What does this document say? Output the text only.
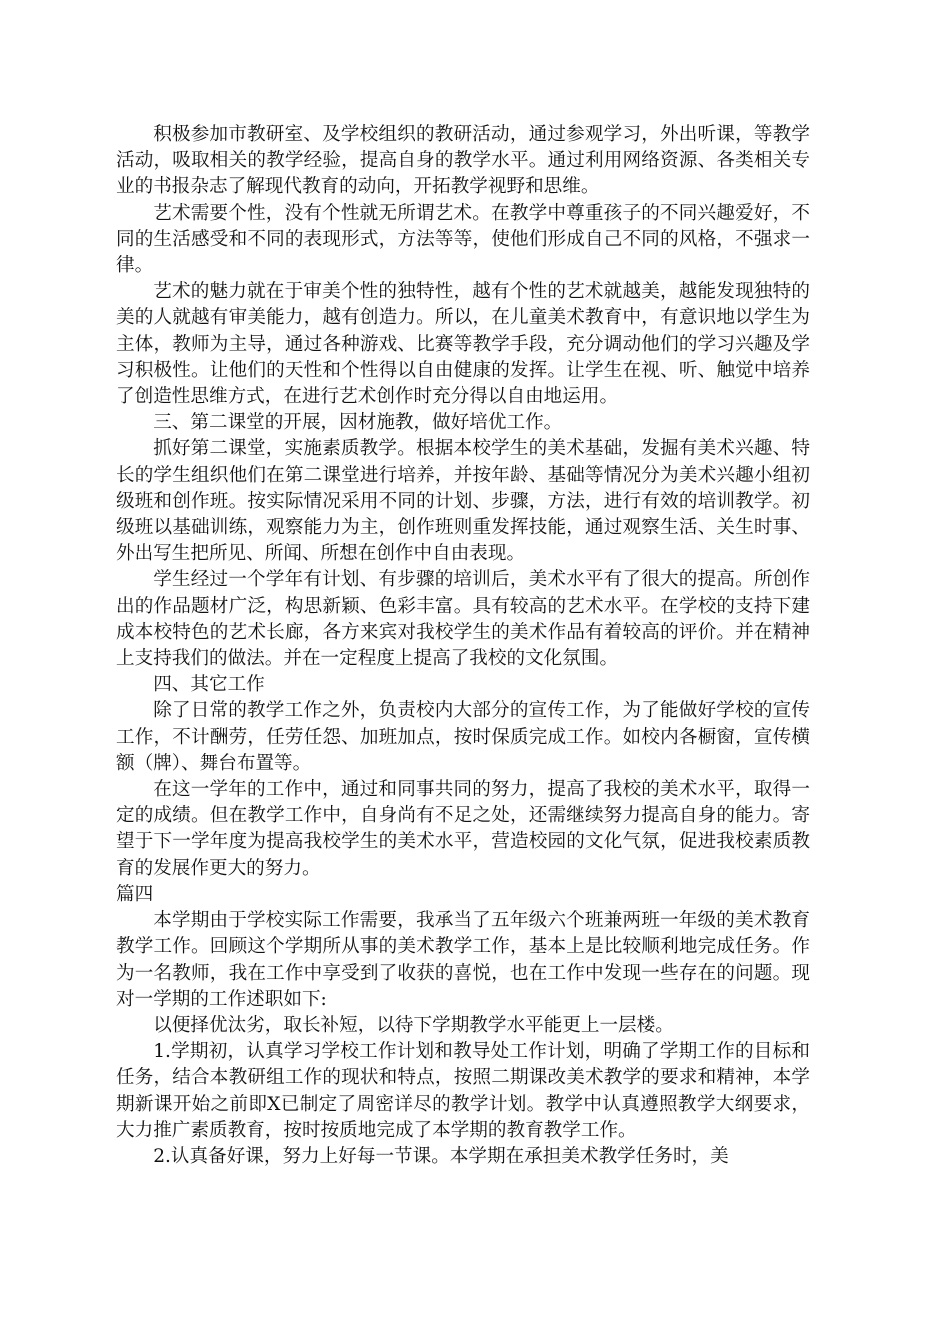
积极参加市教研室、及学校组织的教研活动，通过参观学习，外出听课，等教学活动，吸取相关的教学经验，提高自身的教学水平。通过利用网络资源、各类相关专业的书报杂志了解现代教育的动向，开拓教学视野和思维。

艺术需要个性，没有个性就无所谓艺术。在教学中尊重孩子的不同兴趣爱好，不同的生活感受和不同的表现形式，方法等等，使他们形成自己不同的风格，不强求一律。

艺术的魅力就在于审美个性的独特性，越有个性的艺术就越美，越能发现独特的美的人就越有审美能力，越有创造力。所以，在儿童美术教育中，有意识地以学生为主体，教师为主导，通过各种游戏、比赛等教学手段，充分调动他们的学习兴趣及学习积极性。让他们的天性和个性得以自由健康的发挥。让学生在视、听、触觉中培养了创造性思维方式，在进行艺术创作时充分得以自由地运用。

三、第二课堂的开展，因材施教，做好培优工作。

抓好第二课堂，实施素质教学。根据本校学生的美术基础，发掘有美术兴趣、特长的学生组织他们在第二课堂进行培养，并按年龄、基础等情况分为美术兴趣小组初级班和创作班。按实际情况采用不同的计划、步骤，方法，进行有效的培训教学。初级班以基础训练，观察能力为主，创作班则重发挥技能，通过观察生活、关生时事、外出写生把所见、所闻、所想在创作中自由表现。

学生经过一个学年有计划、有步骤的培训后，美术水平有了很大的提高。所创作出的作品题材广泛，构思新颖、色彩丰富。具有较高的艺术水平。在学校的支持下建成本校特色的艺术长廊，各方来宾对我校学生的美术作品有着较高的评价。并在精神上支持我们的做法。并在一定程度上提高了我校的文化氛围。

四、其它工作

除了日常的教学工作之外，负责校内大部分的宣传工作，为了能做好学校的宣传工作，不计酬劳，任劳任怨、加班加点，按时保质完成工作。如校内各橱窗，宣传横额（牌）、舞台布置等。

在这一学年的工作中，通过和同事共同的努力，提高了我校的美术水平，取得一定的成绩。但在教学工作中，自身尚有不足之处，还需继续努力提高自身的能力。寄望于下一学年度为提高我校学生的美术水平，营造校园的文化气氛，促进我校素质教育的发展作更大的努力。

篇四

本学期由于学校实际工作需要，我承当了五年级六个班兼两班一年级的美术教育教学工作。回顾这个学期所从事的美术教学工作，基本上是比较顺利地完成任务。作为一名教师，我在工作中享受到了收获的喜悦，也在工作中发现一些存在的问题。现对一学期的工作述职如下:

以便择优汰劣，取长补短，以待下学期教学水平能更上一层楼。

1.学期初，认真学习学校工作计划和教导处工作计划，明确了学期工作的目标和任务，结合本教研组工作的现状和特点，按照二期课改美术教学的要求和精神，本学期新课开始之前即X已制定了周密详尽的教学计划。教学中认真遵照教学大纲要求，大力推广素质教育，按时按质地完成了本学期的教育教学工作。

2.认真备好课，努力上好每一节课。本学期在承担美术教学任务时，美
